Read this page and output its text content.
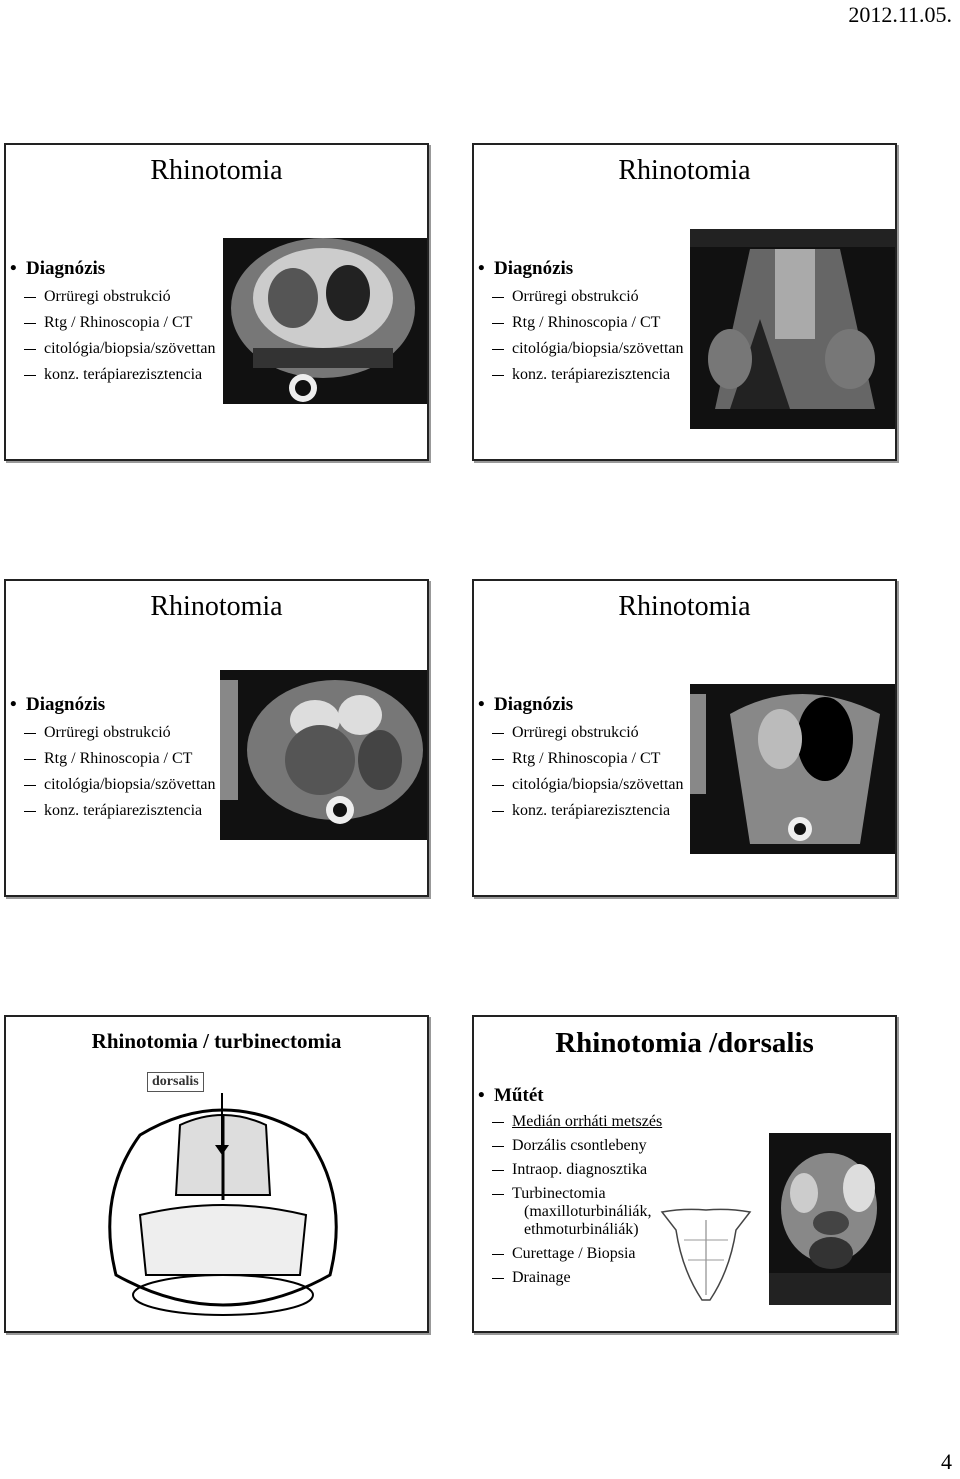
2012.11.05.
Rhinotomia
• Diagnózis
Orrüregi obstrukció
Rtg / Rhinoscopia / CT
citológia/biopsia/szövettan
konz. terápiarezisztencia
Rhinotomia
• Diagnózis
Orrüregi obstrukció
Rtg / Rhinoscopia / CT
citológia/biopsia/szövettan
konz. terápiarezisztencia
Rhinotomia
• Diagnózis
Orrüregi obstrukció
Rtg / Rhinoscopia / CT
citológia/biopsia/szövettan
konz. terápiarezisztencia
Rhinotomia
• Diagnózis
Orrüregi obstrukció
Rtg / Rhinoscopia / CT
citológia/biopsia/szövettan
konz. terápiarezisztencia
Rhinotomia / turbinectomia
dorsalis
Rhinotomia /dorsalis
• Műtét
Medián orrháti metszés
Dorzális csontlebeny
Intraop. diagnosztika
Turbinectomia
(maxilloturbináliák,
ethmoturbináliák)
Curettage / Biopsia
Drainage
4
